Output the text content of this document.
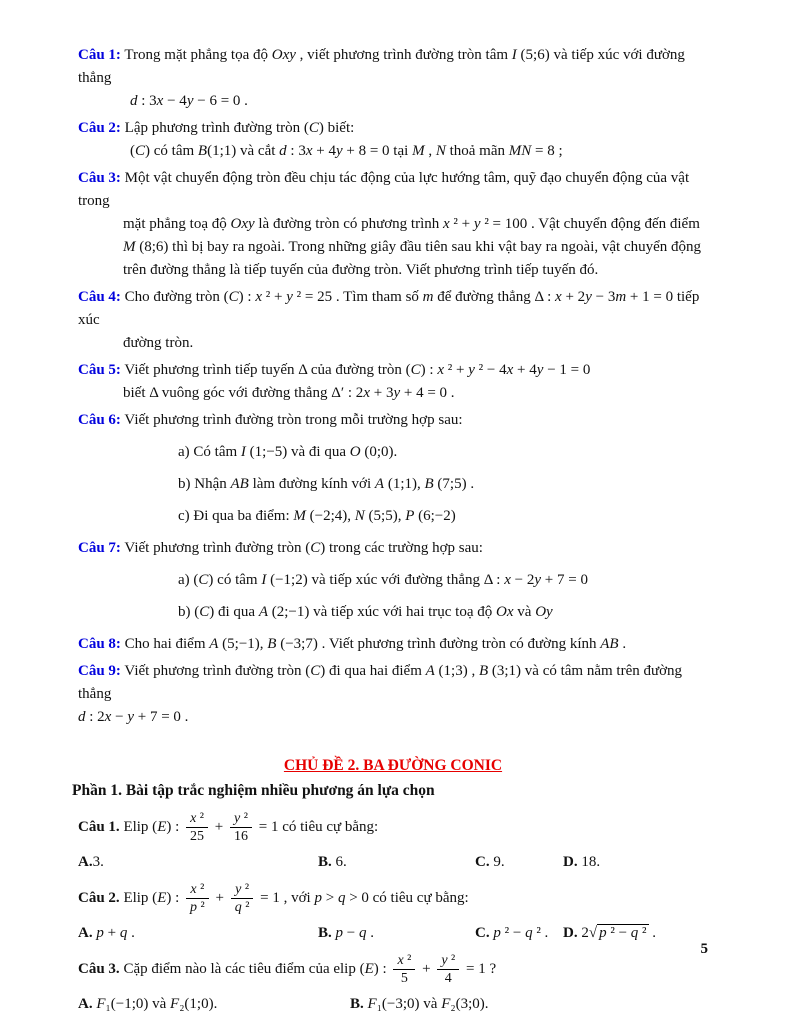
Câu 1: Trong mặt phẳng tọa độ Oxy , viết phương trình đường tròn tâm I (5;6) và tiếp xúc với đường thẳng
d : 3x − 4y − 6 = 0 .
Câu 2: Lập phương trình đường tròn (C) biết:
(C) có tâm B(1;1) và cắt d : 3x + 4y + 8 = 0 tại M , N thoả mãn MN = 8 ;
Câu 3: Một vật chuyển động tròn đều chịu tác động của lực hướng tâm, quỹ đạo chuyển động của vật trong
mặt phẳng toạ độ Oxy là đường tròn có phương trình x ² + y ² = 100 . Vật chuyển động đến điểm
M (8;6) thì bị bay ra ngoài. Trong những giây đầu tiên sau khi vật bay ra ngoài, vật chuyển động
trên đường thẳng là tiếp tuyến của đường tròn. Viết phương trình tiếp tuyến đó.
Câu 4: Cho đường tròn (C) : x ² + y ² = 25 . Tìm tham số m để đường thẳng Δ : x + 2y − 3m + 1 = 0 tiếp xúc
đường tròn.
Câu 5: Viết phương trình tiếp tuyến Δ của đường tròn (C) : x ² + y ² − 4x + 4y − 1 = 0
biết Δ vuông góc với đường thẳng Δ′ : 2x + 3y + 4 = 0 .
Câu 6: Viết phương trình đường tròn trong mỗi trường hợp sau:
a) Có tâm I (1;−5) và đi qua O (0;0).
b) Nhận AB làm đường kính với A (1;1), B (7;5) .
c) Đi qua ba điểm: M (−2;4), N (5;5), P (6;−2)
Câu 7: Viết phương trình đường tròn (C) trong các trường hợp sau:
a) (C) có tâm I (−1;2) và tiếp xúc với đường thẳng Δ : x − 2y + 7 = 0
b) (C) đi qua A (2;−1) và tiếp xúc với hai trục toạ độ Ox và Oy
Câu 8: Cho hai điểm A (5;−1), B (−3;7) . Viết phương trình đường tròn có đường kính AB .
Câu 9: Viết phương trình đường tròn (C) đi qua hai điểm A (1;3) , B (3;1) và có tâm nằm trên đường thẳng
d : 2x − y + 7 = 0 .
CHỦ ĐỀ 2. BA ĐƯỜNG CONIC
Phần 1. Bài tập trắc nghiệm nhiều phương án lựa chọn
Câu 1. Elip (E) : $\frac{\text{x ²}}{25} + \frac{\text{y ²}}{16} = 1$ có tiêu cự bằng:
A.3.	B. 6.	C. 9.	D. 18.
Câu 2. Elip (E) : $\frac{\text{x ²}}{\text{p ²}} + \frac{\text{y ²}}{\text{q ²}} = 1$ , với p > q > 0 có tiêu cự bằng:
A. p + q .	B. p − q .	C. p ² − q ² . D. 2√ p ² − q ² .
Câu 3. Cặp điểm nào là các tiêu điểm của elip (E) : $\frac{\text{x ²}}{5} + \frac{\text{y ²}}{4} = 1$ ?
A. F₁(−1;0) và F₂(1;0).	B. F₁(−3;0) và F₂(3;0).
5
